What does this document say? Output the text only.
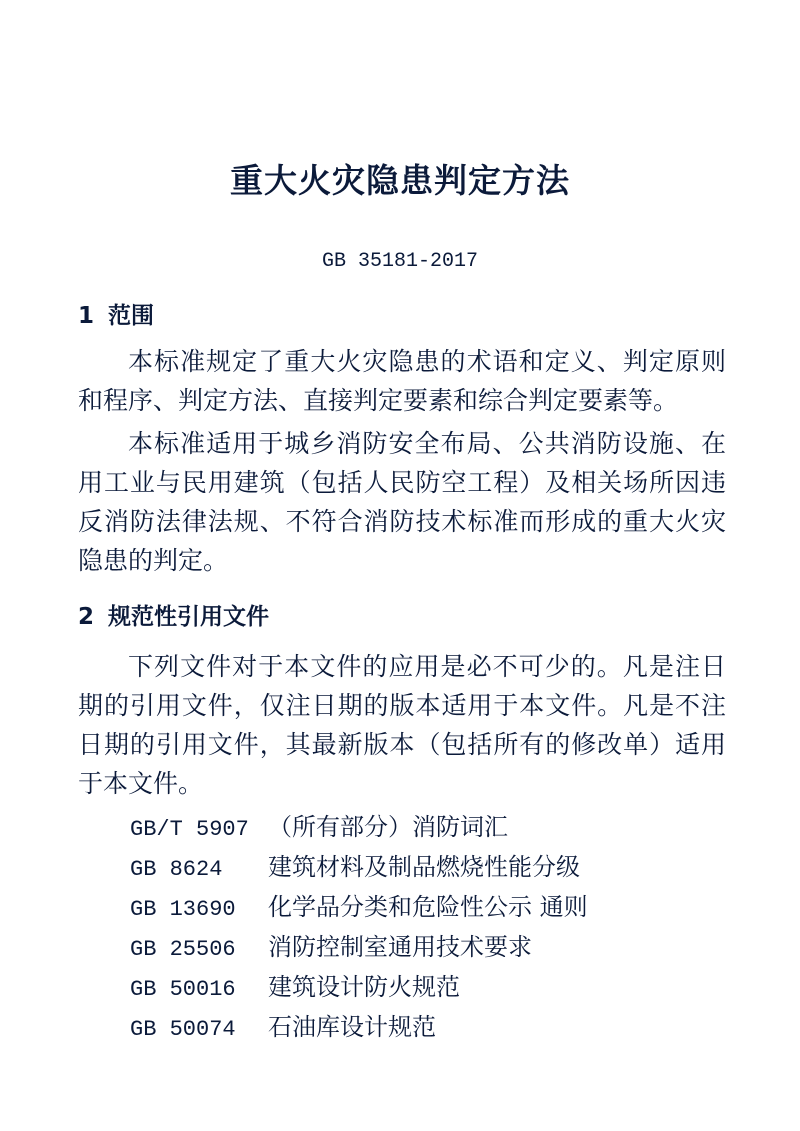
重大火灾隐患判定方法

GB 35181-2017

1 范围

本标准规定了重大火灾隐患的术语和定义、判定原则和程序、判定方法、直接判定要素和综合判定要素等。

本标准适用于城乡消防安全布局、公共消防设施、在用工业与民用建筑（包括人民防空工程）及相关场所因违反消防法律法规、不符合消防技术标准而形成的重大火灾隐患的判定。

2 规范性引用文件

下列文件对于本文件的应用是必不可少的。凡是注日期的引用文件，仅注日期的版本适用于本文件。凡是不注日期的引用文件，其最新版本（包括所有的修改单）适用于本文件。

GB/T 5907 （所有部分）消防词汇
GB 8624 建筑材料及制品燃烧性能分级
GB 13690 化学品分类和危险性公示 通则
GB 25506 消防控制室通用技术要求
GB 50016 建筑设计防火规范
GB 50074 石油库设计规范
